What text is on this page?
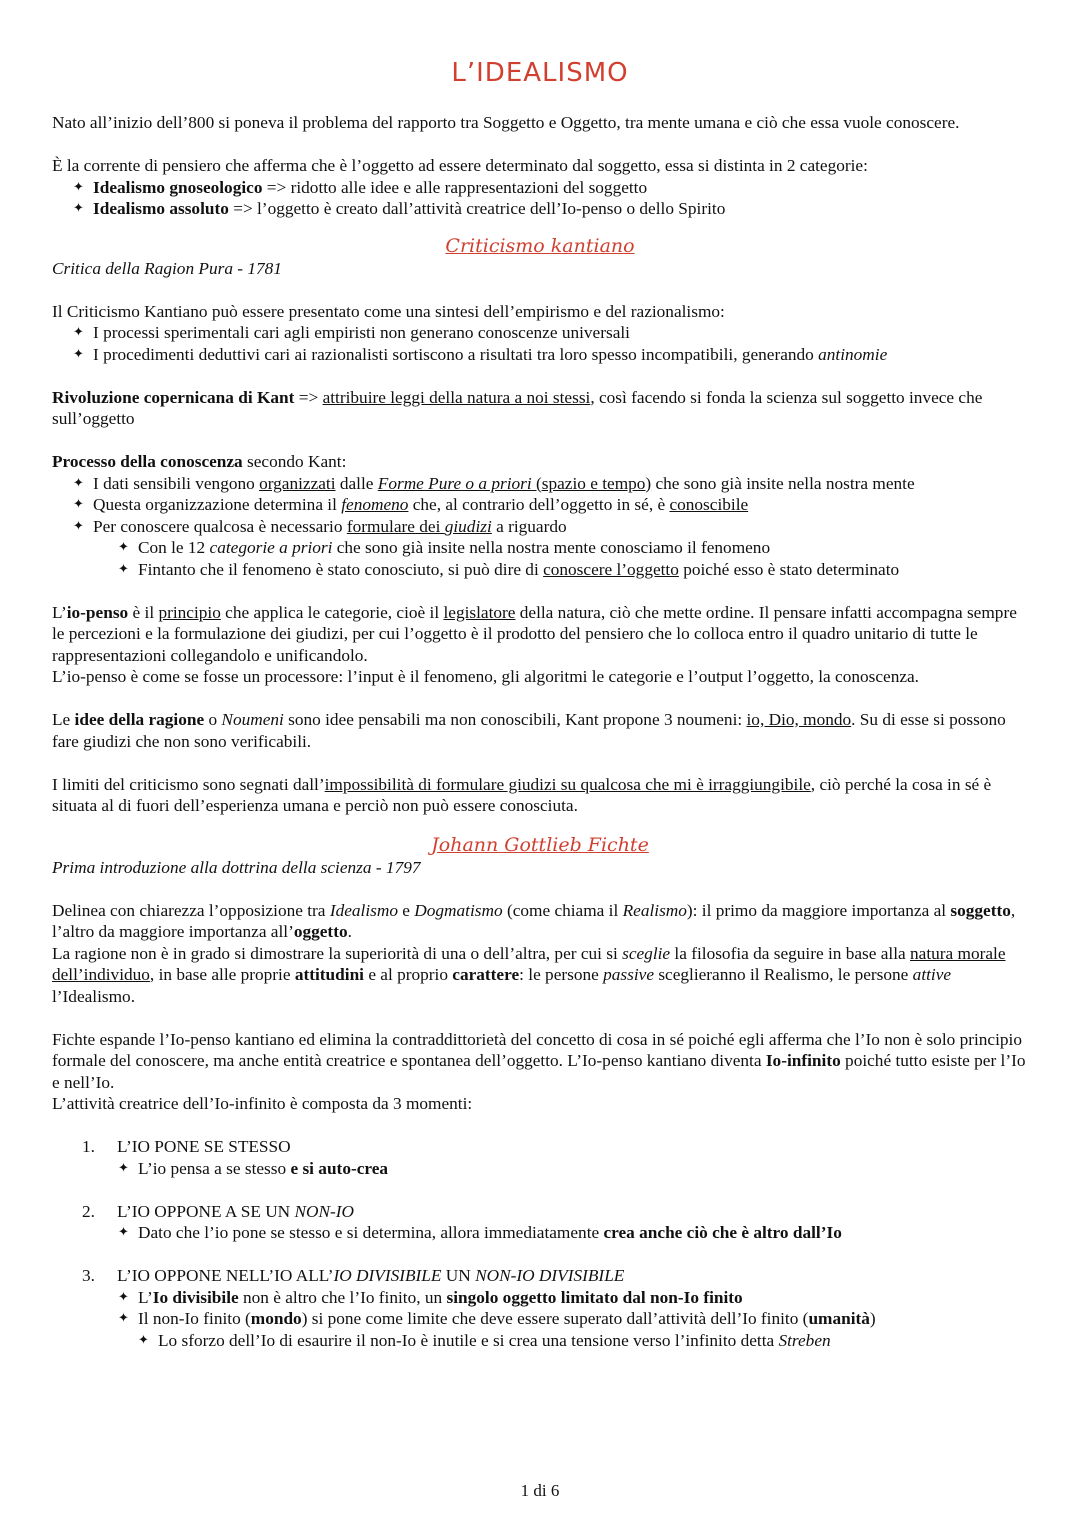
L’IDEALISMO

Nato all’inizio dell’800 si poneva il problema del rapporto tra Soggetto e Oggetto, tra mente umana e ciò che essa vuole conoscere.

È la corrente di pensiero che afferma che è l’oggetto ad essere determinato dal soggetto, essa si distinta in 2 categorie:

✦ Idealismo gnoseologico => ridotto alle idee e alle rappresentazioni del soggetto
✦ Idealismo assoluto => l’oggetto è creato dall’attività creatrice dell’Io-penso o dello Spirito
Criticismo kantiano

Critica della Ragion Pura - 1781

Il Criticismo Kantiano può essere presentato come una sintesi dell’empirismo e del razionalismo:

✦ I processi sperimentali cari agli empiristi non generano conoscenze universali
✦ I procedimenti deduttivi cari ai razionalisti sortiscono a risultati tra loro spesso incompatibili, generando antinomie

Rivoluzione copernicana di Kant => attribuire leggi della natura a noi stessi, così facendo si fonda la scienza sul soggetto invece che sull’oggetto

Processo della conoscenza secondo Kant:

✦ I dati sensibili vengono organizzati dalle Forme Pure o a priori (spazio e tempo) che sono già insite nella nostra mente
✦ Questa organizzazione determina il fenomeno che, al contrario dell’oggetto in sé, è conoscibile
✦ Per conoscere qualcosa è necessario formulare dei giudizi a riguardo
✦ Con le 12 categorie a priori che sono già insite nella nostra mente conosciamo il fenomeno
✦ Fintanto che il fenomeno è stato conosciuto, si può dire di conoscere l’oggetto poiché esso è stato determinato

L’io-penso è il principio che applica le categorie, cioè il legislatore della natura, ciò che mette ordine. Il pensare infatti accompagna sempre le percezioni e la formulazione dei giudizi, per cui l’oggetto è il prodotto del pensiero che lo colloca entro il quadro unitario di tutte le rappresentazioni collegandolo e unificandolo.

L’io-penso è come se fosse un processore: l’input è il fenomeno, gli algoritmi le categorie e l’output l’oggetto, la conoscenza.

Le idee della ragione o Noumeni sono idee pensabili ma non conoscibili, Kant propone 3 noumeni: io, Dio, mondo. Su di esse si possono fare giudizi che non sono verificabili.

I limiti del criticismo sono segnati dall’impossibilità di formulare giudizi su qualcosa che mi è irraggiungibile, ciò perché la cosa in sé è situata al di fuori dell’esperienza umana e perciò non può essere conosciuta.

Johann Gottlieb Fichte

Prima introduzione alla dottrina della scienza - 1797

Delinea con chiarezza l’opposizione tra Idealismo e Dogmatismo (come chiama il Realismo): il primo da maggiore importanza al soggetto, l’altro da maggiore importanza all’oggetto.

La ragione non è in grado si dimostrare la superiorità di una o dell’altra, per cui si sceglie la filosofia da seguire in base alla natura morale dell’individuo, in base alle proprie attitudini e al proprio carattere: le persone passive sceglieranno il Realismo, le persone attive l’Idealismo.

Fichte espande l’Io-penso kantiano ed elimina la contraddittorietà del concetto di cosa in sé poiché egli afferma che l’Io non è solo principio formale del conoscere, ma anche entità creatrice e spontanea dell’oggetto. L’Io-penso kantiano diventa Io-infinito poiché tutto esiste per l’Io e nell’Io.

L’attività creatrice dell’Io-infinito è composta da 3 momenti:

1. L’IO PONE SE STESSO
✦ L’io pensa a se stesso e si auto-crea
2. L’IO OPPONE A SE UN NON-IO
✦ Dato che l’io pone se stesso e si determina, allora immediatamente crea anche ciò che è altro dall’Io
3. L’IO OPPONE NELL’IO ALL’IO DIVISIBILE UN NON-IO DIVISIBILE
✦ L’Io divisibile non è altro che l’Io finito, un singolo oggetto limitato dal non-Io finito
✦ Il non-Io finito (mondo) si pone come limite che deve essere superato dall’attività dell’Io finito (umanità)
✦ Lo sforzo dell’Io di esaurire il non-Io è inutile e si crea una tensione verso l’infinito detta Streben
1 di 6
